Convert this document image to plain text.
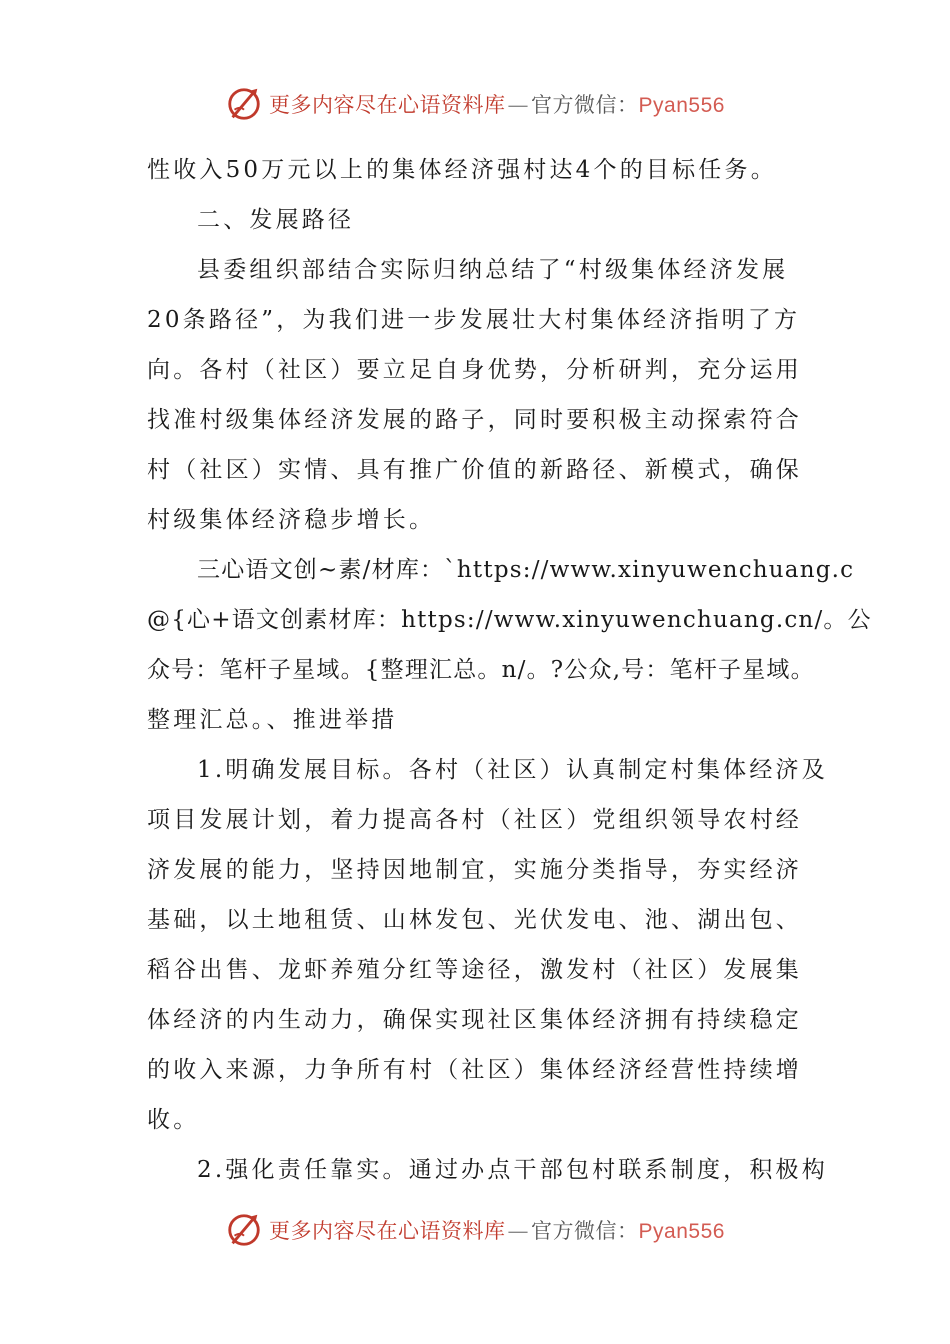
更多内容尽在心语资料库—官方微信：Pyan556
性收入50万元以上的集体经济强村达4个的目标任务。
二、发展路径
县委组织部结合实际归纳总结了“村级集体经济发展
20条路径”，为我们进一步发展壮大村集体经济指明了方
向。各村（社区）要立足自身优势，分析研判，充分运用
找准村级集体经济发展的路子，同时要积极主动探索符合
村（社区）实情、具有推广价值的新路径、新模式，确保
村级集体经济稳步增长。
三心语文创~素/材库：`https://www.xinyuwenchuang.c
@{心+语文创素材库：https://www.xinyuwenchuang.cn/。公
众号：笔杆子星域。{整理汇总。n/。?公众,号：笔杆子星域。
整理汇总。、推进举措
1.明确发展目标。各村（社区）认真制定村集体经济及
项目发展计划，着力提高各村（社区）党组织领导农村经
济发展的能力，坚持因地制宜，实施分类指导，夯实经济
基础，以土地租赁、山林发包、光伏发电、池、湖出包、
稻谷出售、龙虾养殖分红等途径，激发村（社区）发展集
体经济的内生动力，确保实现社区集体经济拥有持续稳定
的收入来源，力争所有村（社区）集体经济经营性持续增
收。
2.强化责任靠实。通过办点干部包村联系制度，积极构
更多内容尽在心语资料库—官方微信：Pyan556
